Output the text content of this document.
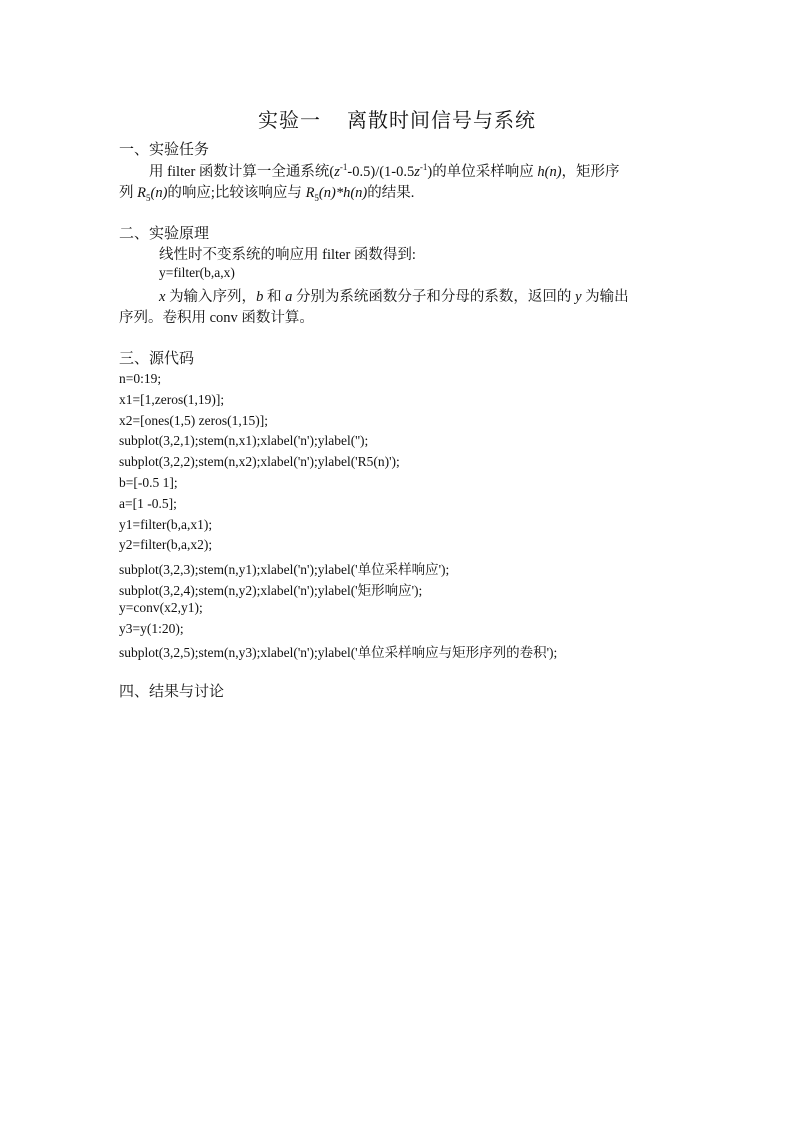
实验一 离散时间信号与系统
一、实验任务
用 filter 函数计算一全通系统$(z^{-1}-0.5)/(1-0.5z^{-1})$的单位采样响应 h(n)，矩形序
列 $R_5(n)$的响应;比较该响应与 $R_5(n)*h(n)$的结果.
二、实验原理
线性时不变系统的响应用 filter 函数得到:
y=filter(b,a,x)
x 为输入序列，b 和 a 分别为系统函数分子和分母的系数，返回的 y 为输出
序列。卷积用 conv 函数计算。
三、源代码
n=0:19;
x1=[1,zeros(1,19)];
x2=[ones(1,5) zeros(1,15)];
subplot(3,2,1);stem(n,x1);xlabel('n');ylabel('');
subplot(3,2,2);stem(n,x2);xlabel('n');ylabel('R5(n)');
b=[-0.5 1];
a=[1 -0.5];
y1=filter(b,a,x1);
y2=filter(b,a,x2);
subplot(3,2,3);stem(n,y1);xlabel('n');ylabel('单位采样响应');
subplot(3,2,4);stem(n,y2);xlabel('n');ylabel('矩形响应');
y=conv(x2,y1);
y3=y(1:20);
subplot(3,2,5);stem(n,y3);xlabel('n');ylabel('单位采样响应与矩形序列的卷积');
四、结果与讨论
